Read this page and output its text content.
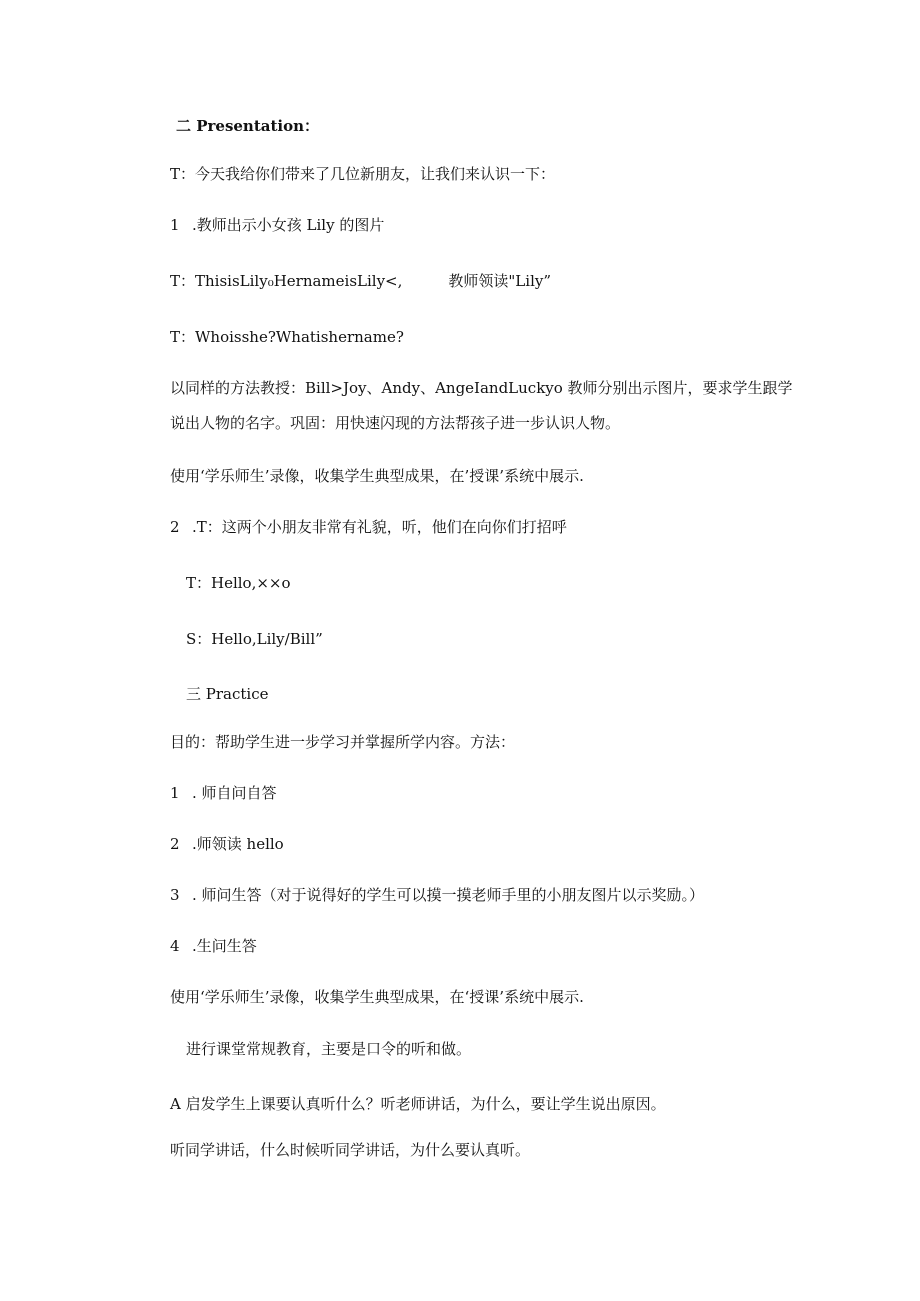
二 Presentation：
T：今天我给你们带来了几位新朋友，让我们来认识一下：
1 .教师出示小女孩 Lily 的图片
T：ThisisLily₀HernameisLily<,	教师领读"Lily”
T：Whoisshe?Whatishername?
以同样的方法教授：Bill>Joy、Andy、AngeIandLuckyo 教师分别出示图片，要求学生跟学
说出人物的名字。巩固：用快速闪现的方法帮孩子进一步认识人物。
使用‘学乐师生’录像，收集学生典型成果，在’授课’系统中展示.
2 .T：这两个小朋友非常有礼貌，听，他们在向你们打招呼
T：Hello,××o
S：Hello,Lily/Bill”
三 Practice
目的：帮助学生进一步学习并掌握所学内容。方法：
1 . 师自问自答
2 .师领读 hello
3 . 师问生答（对于说得好的学生可以摸一摸老师手里的小朋友图片以示奖励。）
4 .生问生答
使用‘学乐师生’录像，收集学生典型成果，在‘授课’系统中展示.
进行课堂常规教育，主要是口令的听和做。
A 启发学生上课要认真听什么？听老师讲话，为什么，要让学生说出原因。
听同学讲话，什么时候听同学讲话，为什么要认真听。
